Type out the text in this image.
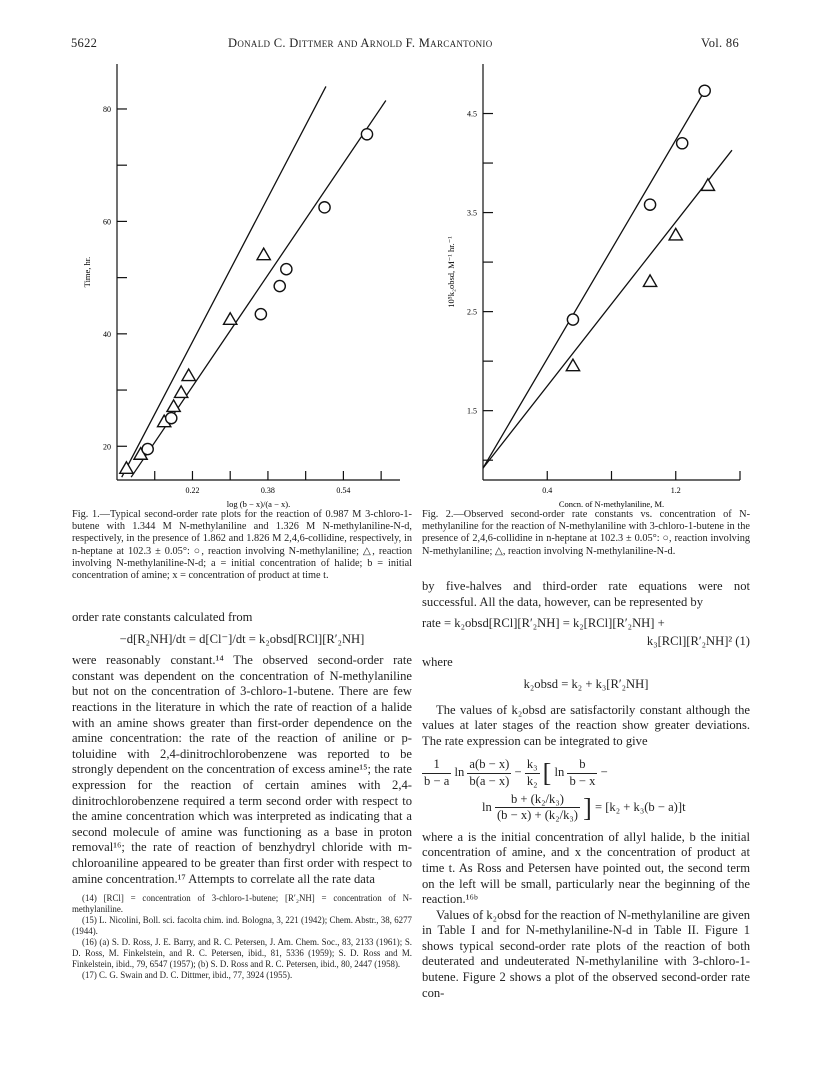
5622	Donald C. Dittmer and Arnold F. Marcantonio	Vol. 86
20
40
60
80
0.22	0.38	0.54
log (b − x)/(a − x).
Time, hr.
1.5
2.5
3.5
4.5
0.4	1.2
Concn. of N-methylaniline, M.
10⁵k₂obsd, M⁻¹ hr.⁻¹
Fig. 1.—Typical second-order rate plots for the reaction of 0.987 M 3-chloro-1-butene with 1.344 M N-methylaniline and 1.326 M N-methylaniline-N-d, respectively, in the presence of 1.862 and 1.826 M 2,4,6-collidine, respectively, in n-heptane at 102.3 ± 0.05°: ○, reaction involving N-methylaniline; △, reaction involving N-methylaniline-N-d; a = initial concentration of halide; b = initial concentration of amine; x = concentration of product at time t.
Fig. 2.—Observed second-order rate constants vs. concentration of N-methylaniline for the reaction of N-methylaniline with 3-chloro-1-butene in the presence of 2,4,6-collidine in n-heptane at 102.3 ± 0.05°: ○, reaction involving N-methylaniline; △, reaction involving N-methylaniline-N-d.

order rate constants calculated from

−d[R₂NH]/dt = d[Cl⁻]/dt = k₂obsd[RCl][R′₂NH]

were reasonably constant.¹⁴ The observed second-order rate constant was dependent on the concentration of N-methylaniline but not on the concentration of 3-chloro-1-butene. There are few reactions in the literature in which the rate of reaction of a halide with an amine shows greater than first-order dependence on the amine concentration: the rate of the reaction of aniline or p-toluidine with 2,4-dinitrochlorobenzene was reported to be strongly dependent on the concentration of excess amine¹⁵; the rate expression for the reaction of certain amines with 2,4-dinitrochlorobenzene required a term second order with respect to the amine concentration which was interpreted as indicating that a second molecule of amine was functioning as a base in proton removal¹⁶; the rate of reaction of benzhydryl chloride with m-chloroaniline appeared to be greater than first order with respect to amine concentration.¹⁷ Attempts to correlate all the rate data

(14) [RCl] = concentration of 3-chloro-1-butene; [R′₂NH] = concentration of N-methylaniline.
(15) L. Nicolini, Boll. sci. facolta chim. ind. Bologna, 3, 221 (1942); Chem. Abstr., 38, 6277 (1944).
(16) (a) S. D. Ross, J. E. Barry, and R. C. Petersen, J. Am. Chem. Soc., 83, 2133 (1961); S. D. Ross, M. Finkelstein, and R. C. Petersen, ibid., 81, 5336 (1959); S. D. Ross and M. Finkelstein, ibid., 79, 6547 (1957); (b) S. D. Ross and R. C. Petersen, ibid., 80, 2447 (1958).
(17) C. G. Swain and D. C. Dittmer, ibid., 77, 3924 (1955).

by five-halves and third-order rate equations were not successful. All the data, however, can be represented by

rate = k₂obsd[RCl][R′₂NH] = k₂[RCl][R′₂NH] +
k₃[RCl][R′₂NH]² (1)
where
k₂obsd = k₂ + k₃[R′₂NH]

The values of k₂obsd are satisfactorily constant although the values at later stages of the reaction show greater deviations. The rate expression can be integrated to give

$\frac{1}{b - a}$ $\ln \frac{a(b - x)}{b(a - x)} - \frac{\text{k₃}}{\text{k₂}}$ [ $\ln \frac{b}{b - x}$ −
$\ln \frac{\text{b + (k₂/k₃)}}{\text{(b − x) + (k₂/k₃)}}$ ] = [k₂ + k₃(b − a)]t

where a is the initial concentration of allyl halide, b the initial concentration of amine, and x the concentration of product at time t. As Ross and Petersen have pointed out, the second term on the left will be small, particularly near the beginning of the reaction.¹⁶ᵇ

Values of k₂obsd for the reaction of N-methylaniline are given in Table I and for N-methylaniline-N-d in Table II. Figure 1 shows typical second-order rate plots of the reaction of both deuterated and undeuterated N-methylaniline with 3-chloro-1-butene. Figure 2 shows a plot of the observed second-order rate con-
